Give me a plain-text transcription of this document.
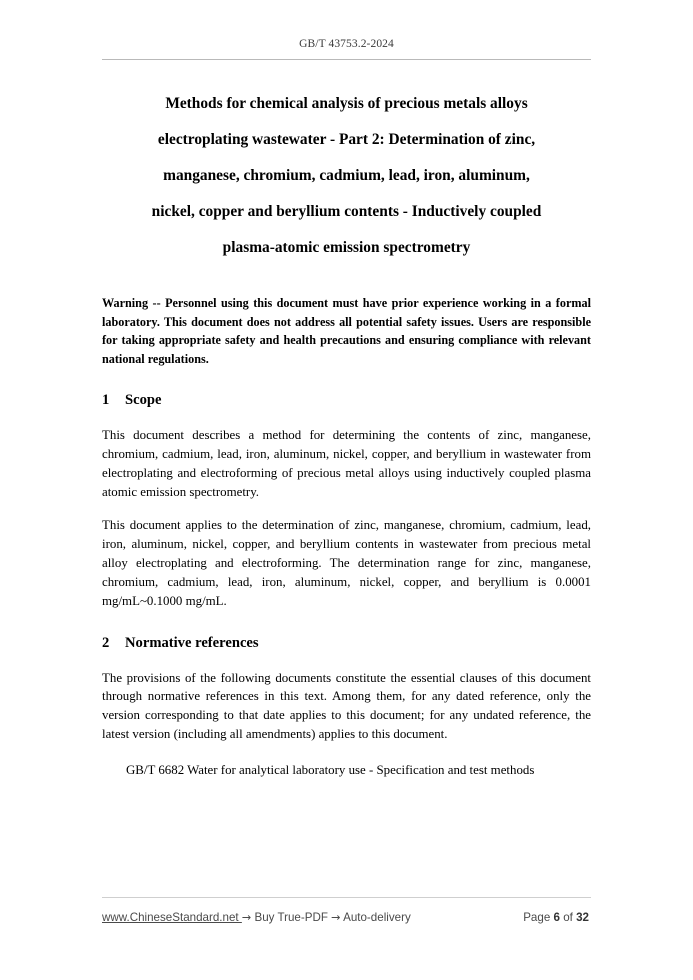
GB/T 43753.2-2024
Methods for chemical analysis of precious metals alloys
electroplating wastewater - Part 2: Determination of zinc,
manganese, chromium, cadmium, lead, iron, aluminum,
nickel, copper and beryllium contents - Inductively coupled
plasma-atomic emission spectrometry
Warning -- Personnel using this document must have prior experience working in a formal laboratory. This document does not address all potential safety issues. Users are responsible for taking appropriate safety and health precautions and ensuring compliance with relevant national regulations.
1 Scope

This document describes a method for determining the contents of zinc, manganese, chromium, cadmium, lead, iron, aluminum, nickel, copper, and beryllium in wastewater from electroplating and electroforming of precious metal alloys using inductively coupled plasma atomic emission spectrometry.

This document applies to the determination of zinc, manganese, chromium, cadmium, lead, iron, aluminum, nickel, copper, and beryllium contents in wastewater from precious metal alloy electroplating and electroforming. The determination range for zinc, manganese, chromium, cadmium, lead, iron, aluminum, nickel, copper, and beryllium is 0.0001 mg/mL~0.1000 mg/mL.

2 Normative references

The provisions of the following documents constitute the essential clauses of this document through normative references in this text. Among them, for any dated reference, only the version corresponding to that date applies to this document; for any undated reference, the latest version (including all amendments) applies to this document.

GB/T 6682 Water for analytical laboratory use - Specification and test methods

www.ChineseStandard.net → Buy True-PDF → Auto-delivery	Page 6 of 32
